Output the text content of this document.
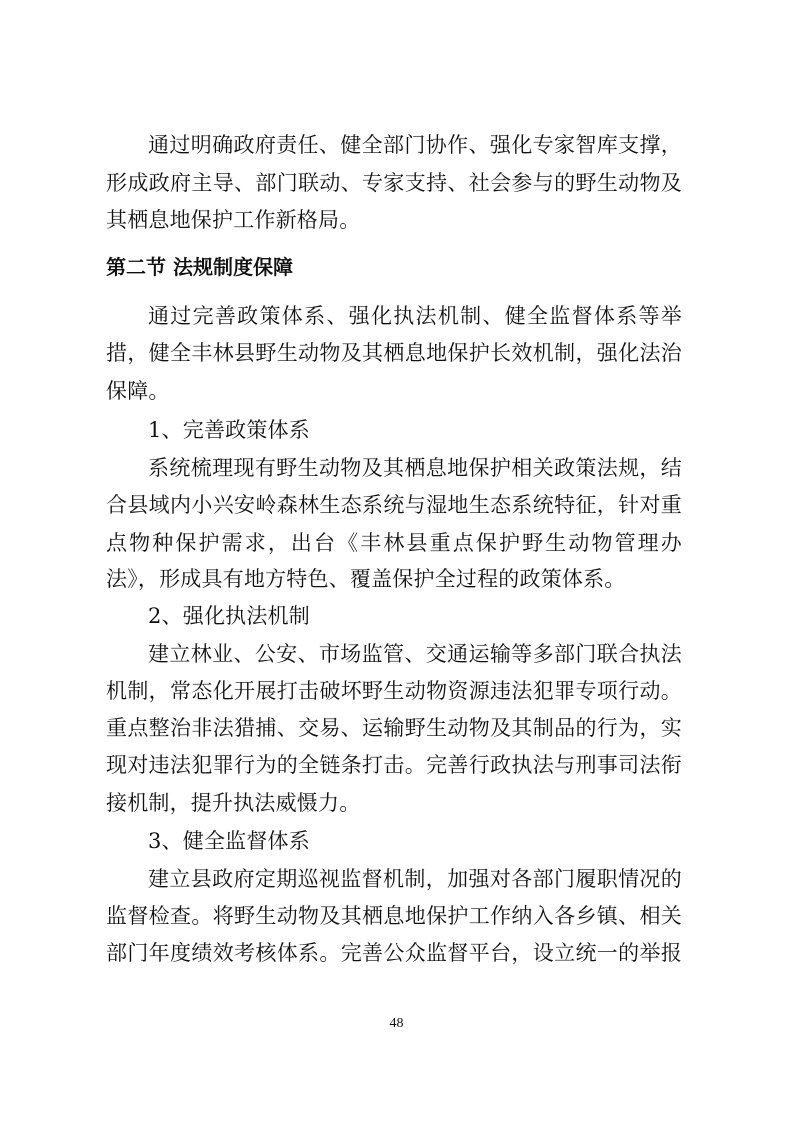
通过明确政府责任、健全部门协作、强化专家智库支撑，
形成政府主导、部门联动、专家支持、社会参与的野生动物及
其栖息地保护工作新格局。
第二节 法规制度保障
通过完善政策体系、强化执法机制、健全监督体系等举
措，健全丰林县野生动物及其栖息地保护长效机制，强化法治
保障。
1、完善政策体系
系统梳理现有野生动物及其栖息地保护相关政策法规，结
合县域内小兴安岭森林生态系统与湿地生态系统特征，针对重
点物种保护需求，出台《丰林县重点保护野生动物管理办
法》，形成具有地方特色、覆盖保护全过程的政策体系。
2、强化执法机制
建立林业、公安、市场监管、交通运输等多部门联合执法
机制，常态化开展打击破坏野生动物资源违法犯罪专项行动。
重点整治非法猎捕、交易、运输野生动物及其制品的行为，实
现对违法犯罪行为的全链条打击。完善行政执法与刑事司法衔
接机制，提升执法威慑力。
3、健全监督体系
建立县政府定期巡视监督机制，加强对各部门履职情况的
监督检查。将野生动物及其栖息地保护工作纳入各乡镇、相关
部门年度绩效考核体系。完善公众监督平台，设立统一的举报
48
